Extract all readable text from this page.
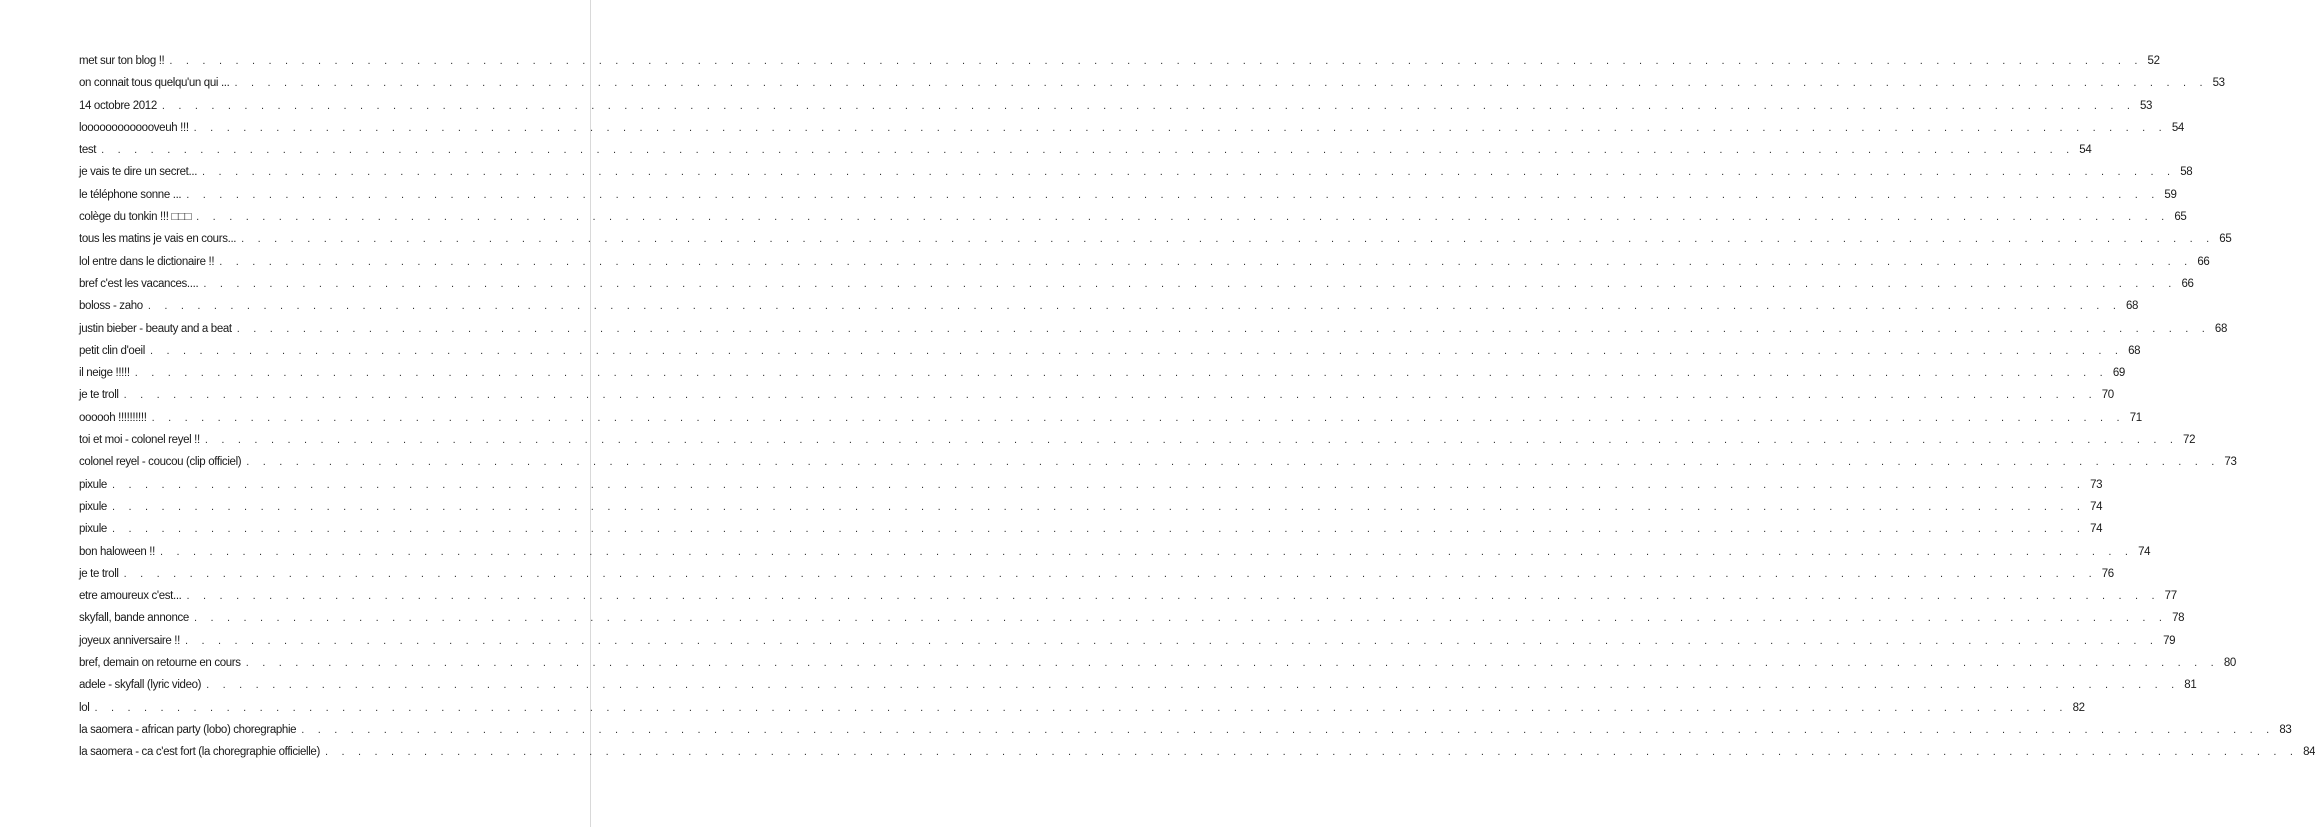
met sur ton blog !! . . . . . . . . . . . . . . . . . . . . . . . . . . . . . . . . . . . . . . . . . . . . . . . . . . . . . . . . . . . . . . . . . . . . . . . . . . . . . . . . . . . . . . . . . . . . . . . . . . . . . . . . . . . . . . . . . . . . . . . . 52
on connait tous quelqu'un qui ... . . . . . . . . . . . . . . . . . . . . . . . . . . . . . . . . . . . . . . . . . . . . . . . . . . . . . . . . . . . . . . . . . . . . . . . . . . . . . . . . . . . . . . . . . . . . . . . . . . . . . . . . . . . . . . . . . . . . . . . . 53
14 octobre 2012 . . . . . . . . . . . . . . . . . . . . . . . . . . . . . . . . . . . . . . . . . . . . . . . . . . . . . . . . . . . . . . . . . . . . . . . . . . . . . . . . . . . . . . . . . . . . . . . . . . . . . . . . . . . . . . . . . . . . . . . . 53
looooooooooooveuh !!! . . . . . . . . . . . . . . . . . . . . . . . . . . . . . . . . . . . . . . . . . . . . . . . . . . . . . . . . . . . . . . . . . . . . . . . . . . . . . . . . . . . . . . . . . . . . . . . . . . . . . . . . . . . . . . . . . . . . . . . . 54
test . . . . . . . . . . . . . . . . . . . . . . . . . . . . . . . . . . . . . . . . . . . . . . . . . . . . . . . . . . . . . . . . . . . . . . . . . . . . . . . . . . . . . . . . . . . . . . . . . . . . . . . . . . . . . . . . . . . . . . . . 54
je vais te dire un secret... . . . . . . . . . . . . . . . . . . . . . . . . . . . . . . . . . . . . . . . . . . . . . . . . . . . . . . . . . . . . . . . . . . . . . . . . . . . . . . . . . . . . . . . . . . . . . . . . . . . . . . . . . . . . . . . . . . . . . . . . 58
le téléphone sonne ... . . . . . . . . . . . . . . . . . . . . . . . . . . . . . . . . . . . . . . . . . . . . . . . . . . . . . . . . . . . . . . . . . . . . . . . . . . . . . . . . . . . . . . . . . . . . . . . . . . . . . . . . . . . . . . . . . . . . . . . . 59
colège du tonkin !!! □□□ . . . . . . . . . . . . . . . . . . . . . . . . . . . . . . . . . . . . . . . . . . . . . . . . . . . . . . . . . . . . . . . . . . . . . . . . . . . . . . . . . . . . . . . . . . . . . . . . . . . . . . . . . . . . . . . . . . . . . . . . 65
tous les matins je vais en cours... . . . . . . . . . . . . . . . . . . . . . . . . . . . . . . . . . . . . . . . . . . . . . . . . . . . . . . . . . . . . . . . . . . . . . . . . . . . . . . . . . . . . . . . . . . . . . . . . . . . . . . . . . . . . . . . . . . . . . . . . 65
lol entre dans le dictionaire !! . . . . . . . . . . . . . . . . . . . . . . . . . . . . . . . . . . . . . . . . . . . . . . . . . . . . . . . . . . . . . . . . . . . . . . . . . . . . . . . . . . . . . . . . . . . . . . . . . . . . . . . . . . . . . . . . . . . . . . . . 66
bref c'est les vacances.... . . . . . . . . . . . . . . . . . . . . . . . . . . . . . . . . . . . . . . . . . . . . . . . . . . . . . . . . . . . . . . . . . . . . . . . . . . . . . . . . . . . . . . . . . . . . . . . . . . . . . . . . . . . . . . . . . . . . . . . . 66
boloss - zaho . . . . . . . . . . . . . . . . . . . . . . . . . . . . . . . . . . . . . . . . . . . . . . . . . . . . . . . . . . . . . . . . . . . . . . . . . . . . . . . . . . . . . . . . . . . . . . . . . . . . . . . . . . . . . . . . . . . . . . . . 68
justin bieber - beauty and a beat . . . . . . . . . . . . . . . . . . . . . . . . . . . . . . . . . . . . . . . . . . . . . . . . . . . . . . . . . . . . . . . . . . . . . . . . . . . . . . . . . . . . . . . . . . . . . . . . . . . . . . . . . . . . . . . . . . . . . . . . 68
petit clin d'oeil . . . . . . . . . . . . . . . . . . . . . . . . . . . . . . . . . . . . . . . . . . . . . . . . . . . . . . . . . . . . . . . . . . . . . . . . . . . . . . . . . . . . . . . . . . . . . . . . . . . . . . . . . . . . . . . . . . . . . . . . 68
il neige !!!!! . . . . . . . . . . . . . . . . . . . . . . . . . . . . . . . . . . . . . . . . . . . . . . . . . . . . . . . . . . . . . . . . . . . . . . . . . . . . . . . . . . . . . . . . . . . . . . . . . . . . . . . . . . . . . . . . . . . . . . . . 69
je te troll . . . . . . . . . . . . . . . . . . . . . . . . . . . . . . . . . . . . . . . . . . . . . . . . . . . . . . . . . . . . . . . . . . . . . . . . . . . . . . . . . . . . . . . . . . . . . . . . . . . . . . . . . . . . . . . . . . . . . . . . 70
oooooh !!!!!!!!!! . . . . . . . . . . . . . . . . . . . . . . . . . . . . . . . . . . . . . . . . . . . . . . . . . . . . . . . . . . . . . . . . . . . . . . . . . . . . . . . . . . . . . . . . . . . . . . . . . . . . . . . . . . . . . . . . . . . . . . . . 71
toi et moi - colonel reyel !! . . . . . . . . . . . . . . . . . . . . . . . . . . . . . . . . . . . . . . . . . . . . . . . . . . . . . . . . . . . . . . . . . . . . . . . . . . . . . . . . . . . . . . . . . . . . . . . . . . . . . . . . . . . . . . . . . . . . . . . . 72
colonel reyel - coucou (clip officiel) . . . . . . . . . . . . . . . . . . . . . . . . . . . . . . . . . . . . . . . . . . . . . . . . . . . . . . . . . . . . . . . . . . . . . . . . . . . . . . . . . . . . . . . . . . . . . . . . . . . . . . . . . . . . . . . . . . . . . . . . 73
pixule . . . . . . . . . . . . . . . . . . . . . . . . . . . . . . . . . . . . . . . . . . . . . . . . . . . . . . . . . . . . . . . . . . . . . . . . . . . . . . . . . . . . . . . . . . . . . . . . . . . . . . . . . . . . . . . . . . . . . . . . 73
pixule . . . . . . . . . . . . . . . . . . . . . . . . . . . . . . . . . . . . . . . . . . . . . . . . . . . . . . . . . . . . . . . . . . . . . . . . . . . . . . . . . . . . . . . . . . . . . . . . . . . . . . . . . . . . . . . . . . . . . . . . 74
pixule . . . . . . . . . . . . . . . . . . . . . . . . . . . . . . . . . . . . . . . . . . . . . . . . . . . . . . . . . . . . . . . . . . . . . . . . . . . . . . . . . . . . . . . . . . . . . . . . . . . . . . . . . . . . . . . . . . . . . . . . 74
bon haloween !! . . . . . . . . . . . . . . . . . . . . . . . . . . . . . . . . . . . . . . . . . . . . . . . . . . . . . . . . . . . . . . . . . . . . . . . . . . . . . . . . . . . . . . . . . . . . . . . . . . . . . . . . . . . . . . . . . . . . . . . . 74
je te troll . . . . . . . . . . . . . . . . . . . . . . . . . . . . . . . . . . . . . . . . . . . . . . . . . . . . . . . . . . . . . . . . . . . . . . . . . . . . . . . . . . . . . . . . . . . . . . . . . . . . . . . . . . . . . . . . . . . . . . . . 76
etre amoureux c'est... . . . . . . . . . . . . . . . . . . . . . . . . . . . . . . . . . . . . . . . . . . . . . . . . . . . . . . . . . . . . . . . . . . . . . . . . . . . . . . . . . . . . . . . . . . . . . . . . . . . . . . . . . . . . . . . . . . . . . . . . 77
skyfall, bande annonce . . . . . . . . . . . . . . . . . . . . . . . . . . . . . . . . . . . . . . . . . . . . . . . . . . . . . . . . . . . . . . . . . . . . . . . . . . . . . . . . . . . . . . . . . . . . . . . . . . . . . . . . . . . . . . . . . . . . . . . . 78
joyeux anniversaire !! . . . . . . . . . . . . . . . . . . . . . . . . . . . . . . . . . . . . . . . . . . . . . . . . . . . . . . . . . . . . . . . . . . . . . . . . . . . . . . . . . . . . . . . . . . . . . . . . . . . . . . . . . . . . . . . . . . . . . . . . 79
bref, demain on retourne en cours . . . . . . . . . . . . . . . . . . . . . . . . . . . . . . . . . . . . . . . . . . . . . . . . . . . . . . . . . . . . . . . . . . . . . . . . . . . . . . . . . . . . . . . . . . . . . . . . . . . . . . . . . . . . . . . . . . . . . . . . 80
adele - skyfall (lyric video) . . . . . . . . . . . . . . . . . . . . . . . . . . . . . . . . . . . . . . . . . . . . . . . . . . . . . . . . . . . . . . . . . . . . . . . . . . . . . . . . . . . . . . . . . . . . . . . . . . . . . . . . . . . . . . . . . . . . . . . . 81
lol . . . . . . . . . . . . . . . . . . . . . . . . . . . . . . . . . . . . . . . . . . . . . . . . . . . . . . . . . . . . . . . . . . . . . . . . . . . . . . . . . . . . . . . . . . . . . . . . . . . . . . . . . . . . . . . . . . . . . . . . 82
la saomera - african party (lobo) choregraphie . . . . . . . . . . . . . . . . . . . . . . . . . . . . . . . . . . . . . . . . . . . . . . . . . . . . . . . . . . . . . . . . . . . . . . . . . . . . . . . . . . . . . . . . . . . . . . . . . . . . . . . . . . . . . . . . . . . . . . . . 83
la saomera - ca c'est fort (la choregraphie officielle) . . . . . . . . . . . . . . . . . . . . . . . . . . . . . . . . . . . . . . . . . . . . . . . . . . . . . . . . . . . . . . . . . . . . . . . . . . . . . . . . . . . . . . . . . . . . . . . . . . . . . . . . . . . . . . . . . . . . . . . . 84
